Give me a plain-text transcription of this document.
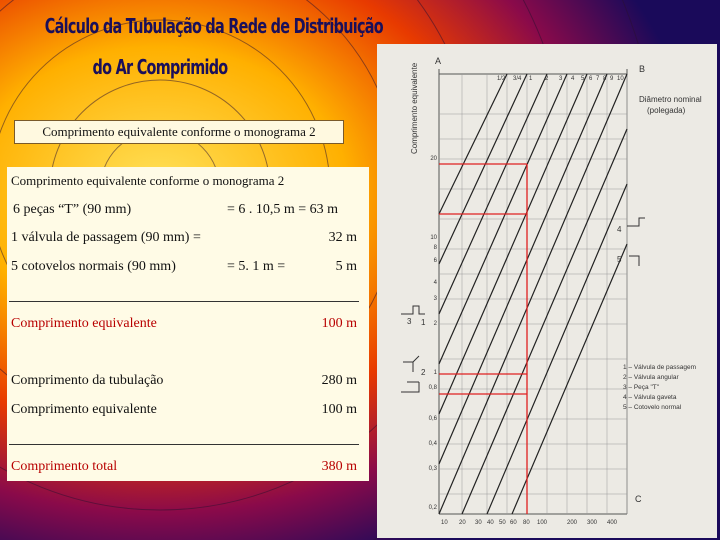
Cálculo da Tubulação da Rede de Distribuição
do Ar Comprimido
Comprimento equivalente conforme o monograma 2
Comprimento equivalente conforme o monograma 2
6 peças “T” (90 mm)	= 6 . 10,5 m = 63 m
1 válvula de passagem (90 mm) =	32 m
5 cotovelos normais (90 mm)	= 5. 1 m =	5 m
Comprimento equivalente	100 m
Comprimento da tubulação	280 m
Comprimento equivalente	100 m
Comprimento total	380 m
A
B
C
Diâmetro nominal
(polegada)
Comprimento equivalente	1/2 3/4 1 2 3 4 5 6 7 8 9 10
20
10
8
6
4
3
2
1
0,8
0,6
0,4
0,3
0,2
10 20 30 40 50 60 80 100	200 300 400
4
5
3
2
1
1 – Válvula de passagem
2 – Válvula angular
3 – Peça "T"
4 – Válvula gaveta
5 – Cotovelo normal
